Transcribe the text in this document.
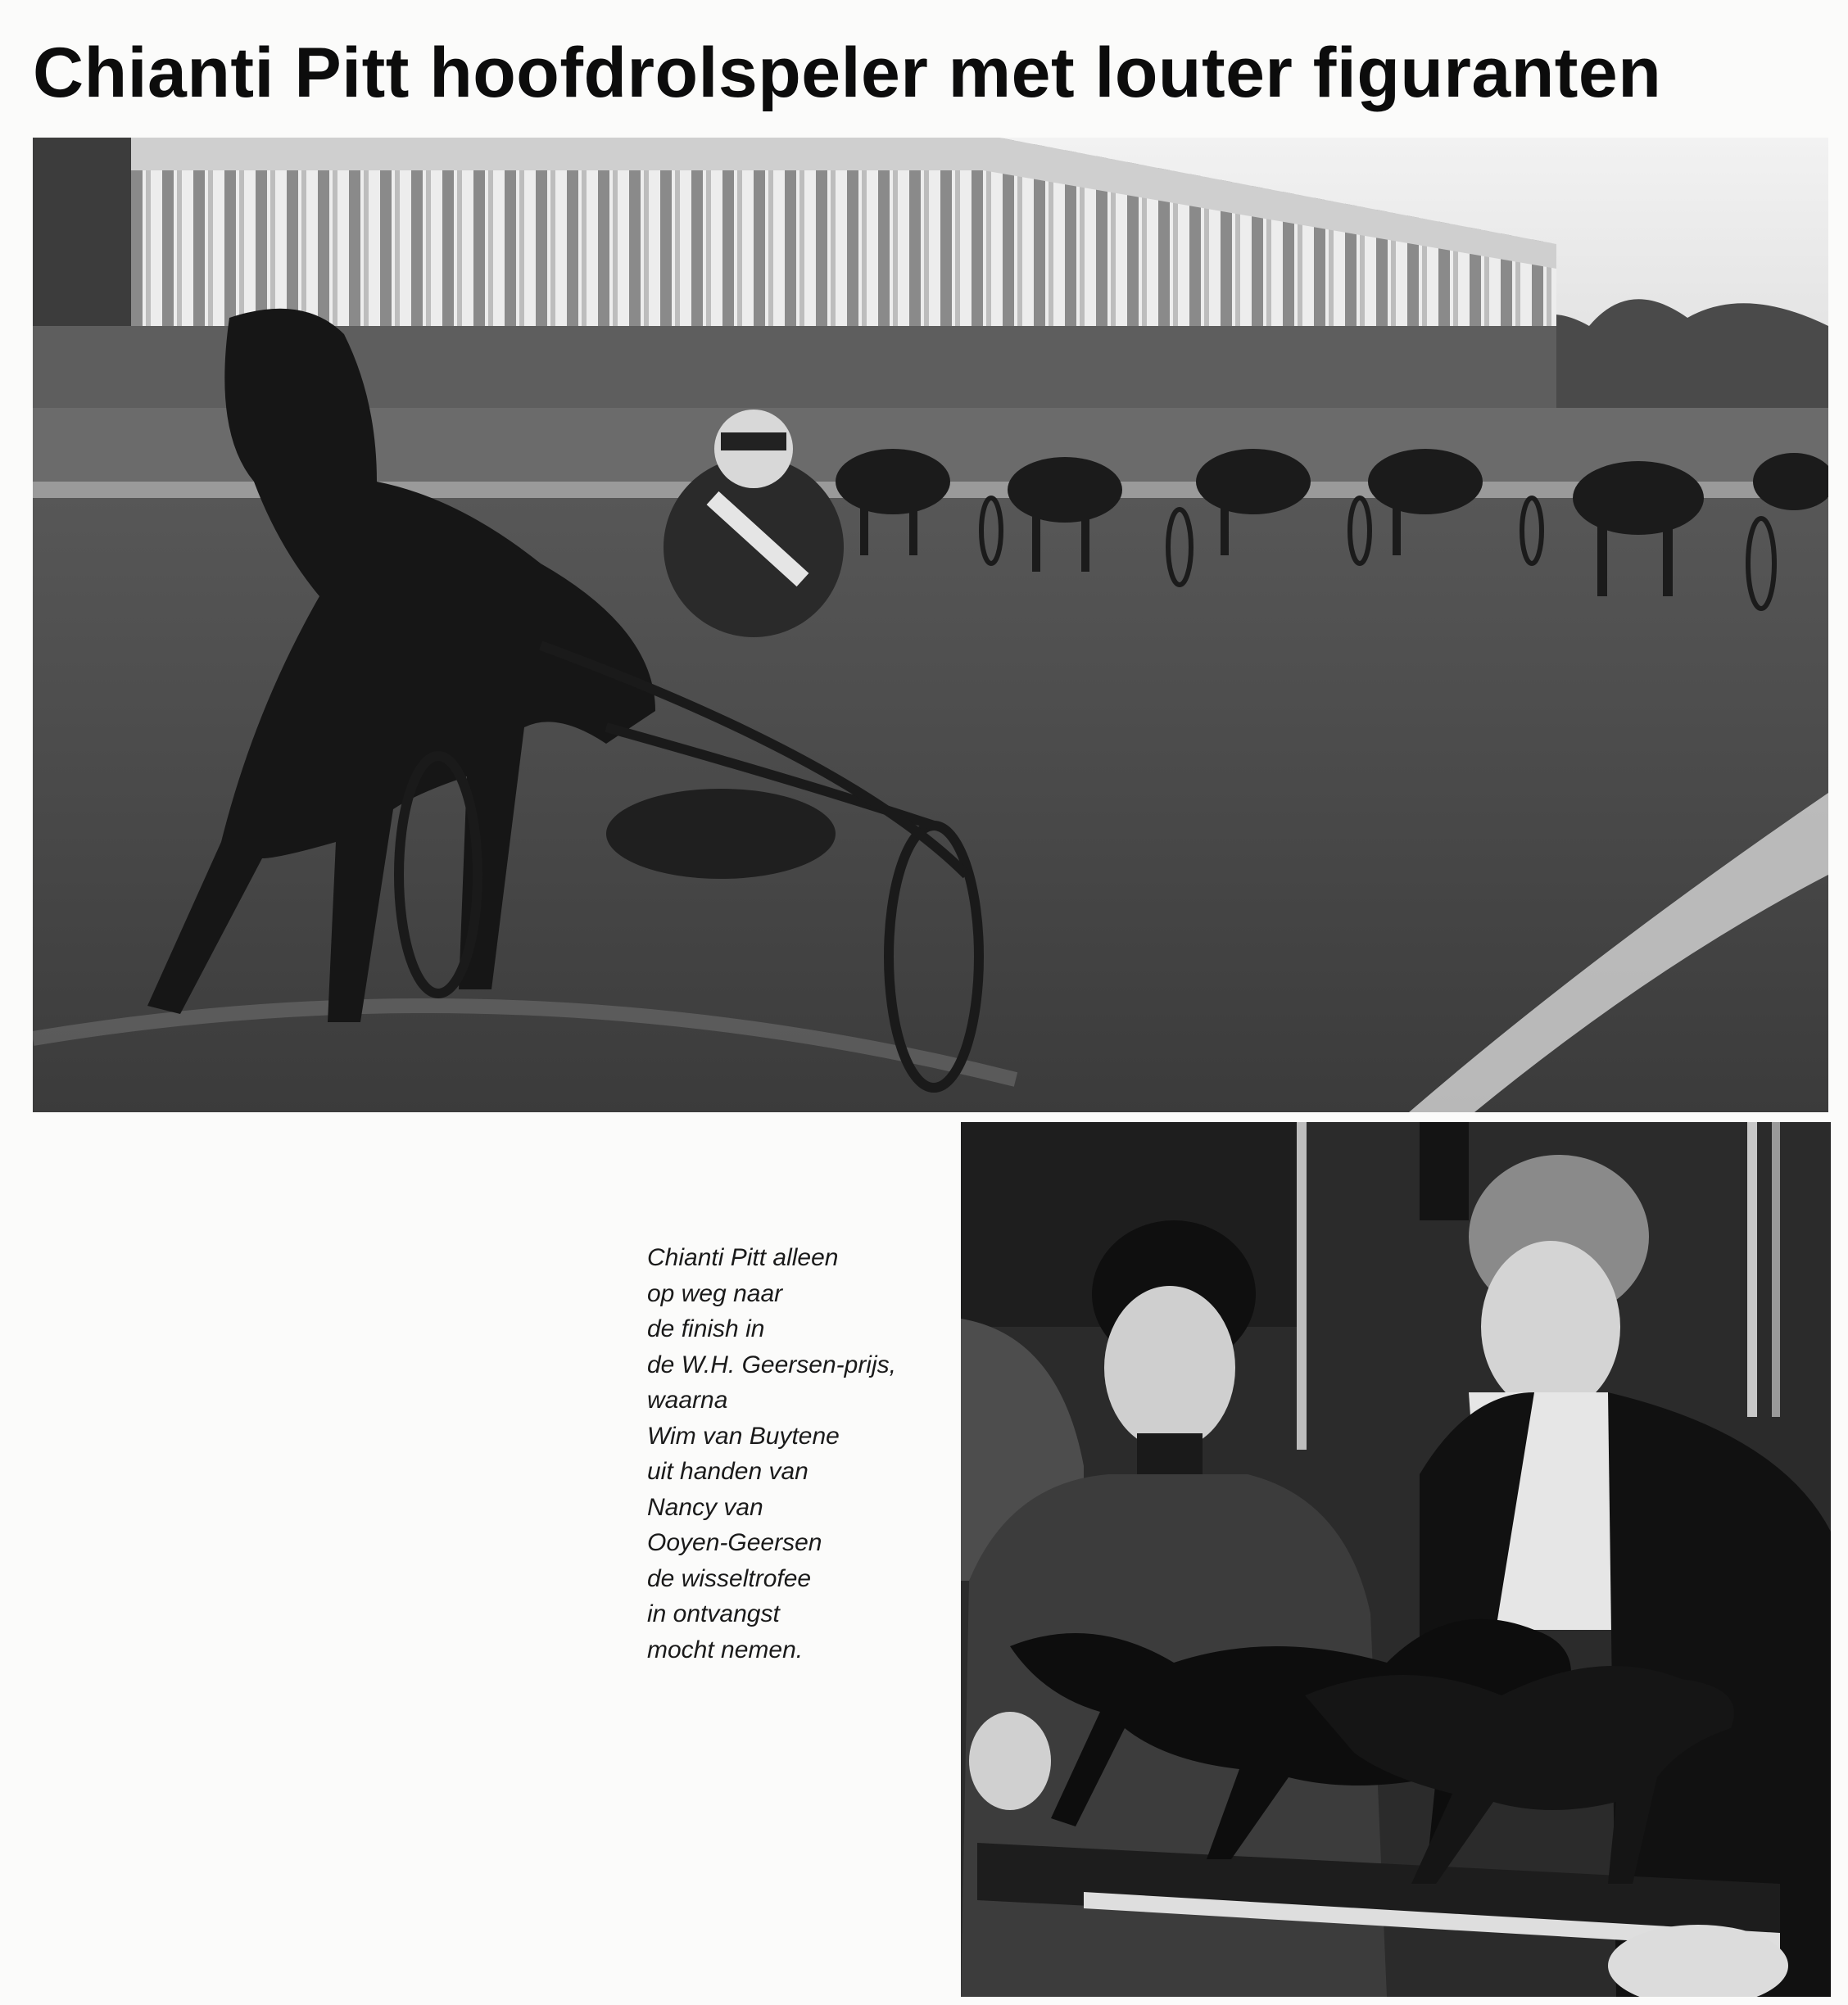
Chianti Pitt hoofdrolspeler met louter figuranten

Chianti Pitt alleen
op weg naar
de finish in
de W.H. Geersen-prijs,
waarna
Wim van Buytene
uit handen van
Nancy van
Ooyen-Geersen
de wisseltrofee
in ontvangst
mocht nemen.
